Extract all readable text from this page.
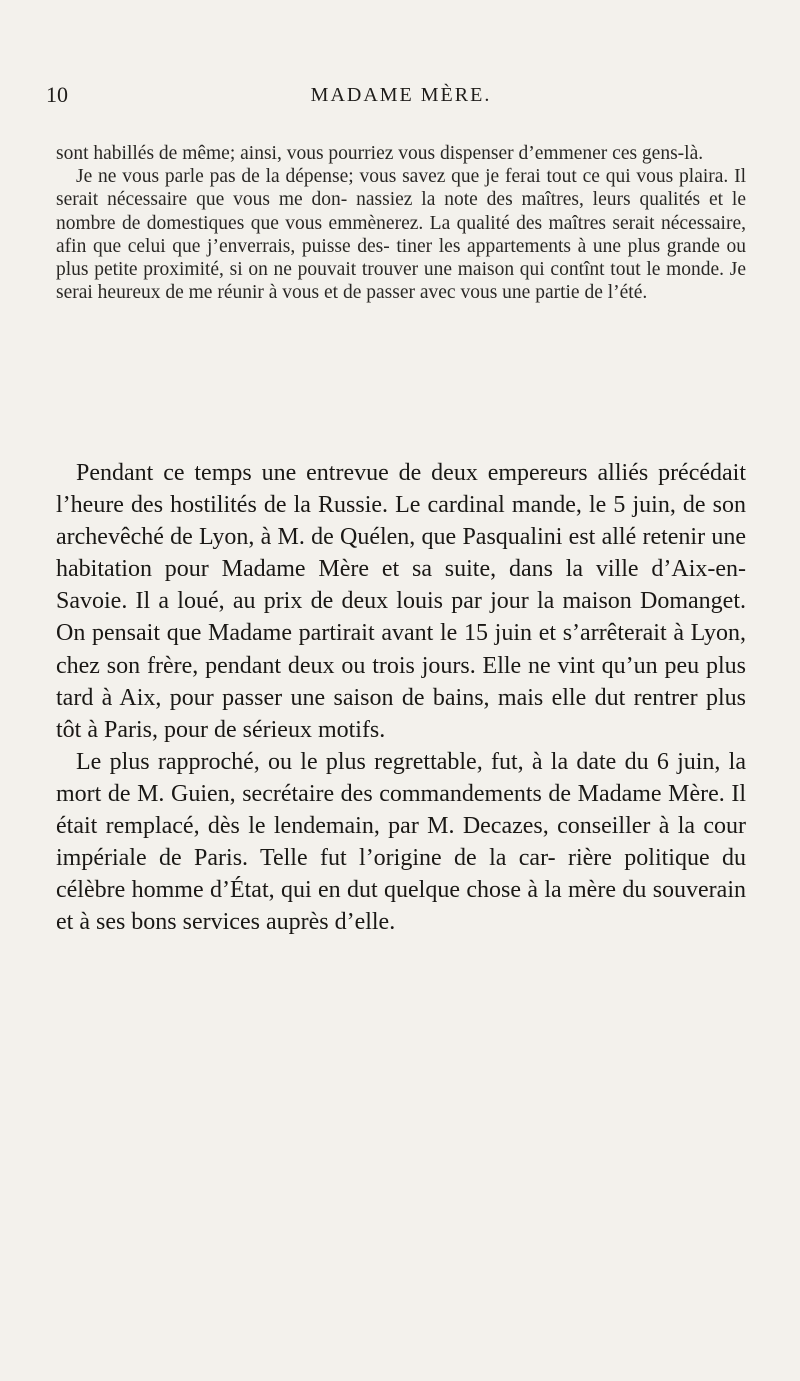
10	MADAME MÈRE.

sont habillés de même; ainsi, vous pourriez vous dispenser d’emmener ces gens-là.

Je ne vous parle pas de la dépense; vous savez que je ferai tout ce qui vous plaira. Il serait nécessaire que vous me don- nassiez la note des maîtres, leurs qualités et le nombre de domestiques que vous emmènerez. La qualité des maîtres serait nécessaire, afin que celui que j’enverrais, puisse des- tiner les appartements à une plus grande ou plus petite proximité, si on ne pouvait trouver une maison qui contînt tout le monde. Je serai heureux de me réunir à vous et de passer avec vous une partie de l’été.

Pendant ce temps une entrevue de deux empereurs alliés précédait l’heure des hostilités de la Russie. Le cardinal mande, le 5 juin, de son archevêché de Lyon, à M. de Quélen, que Pasqualini est allé retenir une habitation pour Madame Mère et sa suite, dans la ville d’Aix-en-Savoie. Il a loué, au prix de deux louis par jour la maison Domanget. On pensait que Madame partirait avant le 15 juin et s’arrêterait à Lyon, chez son frère, pendant deux ou trois jours. Elle ne vint qu’un peu plus tard à Aix, pour passer une saison de bains, mais elle dut rentrer plus tôt à Paris, pour de sérieux motifs.

Le plus rapproché, ou le plus regrettable, fut, à la date du 6 juin, la mort de M. Guien, secrétaire des commandements de Madame Mère. Il était remplacé, dès le lendemain, par M. Decazes, conseiller à la cour impériale de Paris. Telle fut l’origine de la car- rière politique du célèbre homme d’État, qui en dut quelque chose à la mère du souverain et à ses bons services auprès d’elle.
